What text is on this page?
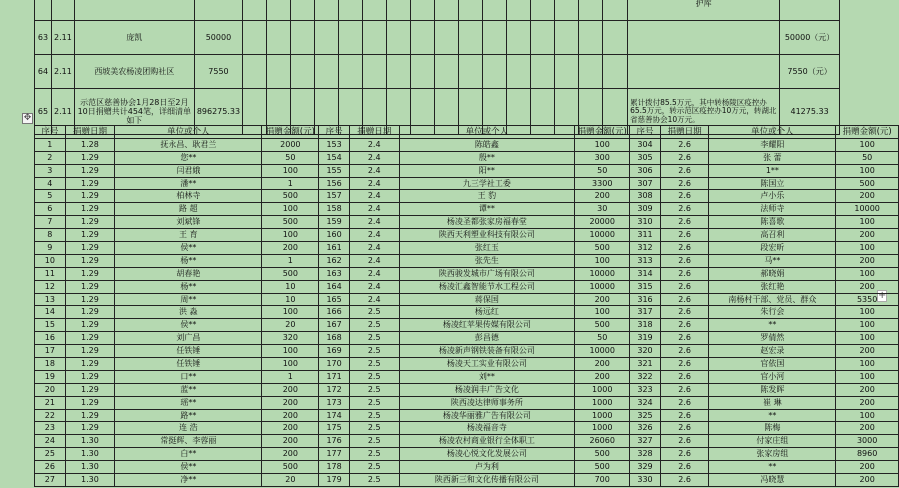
																				护库	
63	2.11	庞凯	50000																		50000（元）
64	2.11	西坡美农杨凌团购社区	7550																		7550（元）
65	2.11	示范区慈善协会1月28日至2月10日捐赠共计454笔，详细清单如下	896275.33																	累计拨付85.5万元，其中转杨陵区疫控办65.5万元，转示范区疫控办10万元，转湖北省慈善协会10万元。	41275.33
✥
+
序号	捐赠日期	单位或个人	捐赠金额(元)	序号	捐赠日期	单位或个人	捐赠金额(元)	序号	捐赠日期	单位或个人	捐赠金额(元)
1	1.28	抚永昌、耿君兰	2000	153	2.4	陈皓鑫	100	304	2.6	李耀阳	100
2	1.29	您**	50	154	2.4	殷**	300	305	2.6	张 蕾	50
3	1.29	闫君娥	100	155	2.4	阳**	50	306	2.6	1**	100
4	1.29	潘**	1	156	2.4	九三学社工委	3300	307	2.6	陈国立	500
5	1.29	柏林寺	500	157	2.4	王 豹	200	308	2.6	卢小乐	200
6	1.29	路 超	100	158	2.4	谭**	30	309	2.6	法师寺	10000
7	1.29	刘斌锋	500	159	2.4	杨凌圣都张家房福春堂	20000	310	2.6	陈喜歌	100
8	1.29	王 育	100	160	2.4	陕西天利塑业科技有限公司	10000	311	2.6	高召利	200
9	1.29	侯**	200	161	2.4	张红玉	500	312	2.6	段宏昕	100
10	1.29	杨**	1	162	2.4	张先生	100	313	2.6	马**	200
11	1.29	胡春艳	500	163	2.4	陕西骏发城市广场有限公司	10000	314	2.6	郝晓娟	100
12	1.29	杨**	10	164	2.4	杨凌汇鑫智能节水工程公司	10000	315	2.6	张红艳	200
13	1.29	周**	10	165	2.4	蒋保国	200	316	2.6	南杨村干部、党员、群众	5350
14	1.29	洪 淼	100	166	2.5	杨远红	100	317	2.6	朱行会	100
15	1.29	侯**	20	167	2.5	杨凌红苹果传媒有限公司	500	318	2.6	**	100
16	1.29	刘广昌	320	168	2.5	彭昌德	50	319	2.6	罗倩然	100
17	1.29	任铁锤	100	169	2.5	杨凌新声钢铁装备有限公司	10000	320	2.6	赵宏录	200
18	1.29	任铁锤	100	170	2.5	杨凌天工实业有限公司	200	321	2.6	官依国	100
19	1.29	口**	1	171	2.5	刘**	200	322	2.6	官小河	100
20	1.29	蓝**	200	172	2.5	杨凌润丰广告文化	1000	323	2.6	陈发晖	200
21	1.29	瑶**	200	173	2.5	陕西凌达律师事务所	1000	324	2.6	崔 琳	200
22	1.29	路**	200	174	2.5	杨凌华丽雅广告有限公司	1000	325	2.6	**	100
23	1.29	连 浩	200	175	2.5	杨凌福音寺	1000	326	2.6	陈梅	200
24	1.30	常挺辉、李蓉丽	200	176	2.5	杨凌农村商业银行全体职工	26060	327	2.6	付家庄组	3000
25	1.30	白**	200	177	2.5	杨凌心悦文化发展公司	500	328	2.6	张家房组	8960
26	1.30	侯**	500	178	2.5	卢为利	500	329	2.6	**	200
27	1.30	净**	20	179	2.5	陕西新三和文化传播有限公司	700	330	2.6	冯晓慧	200
